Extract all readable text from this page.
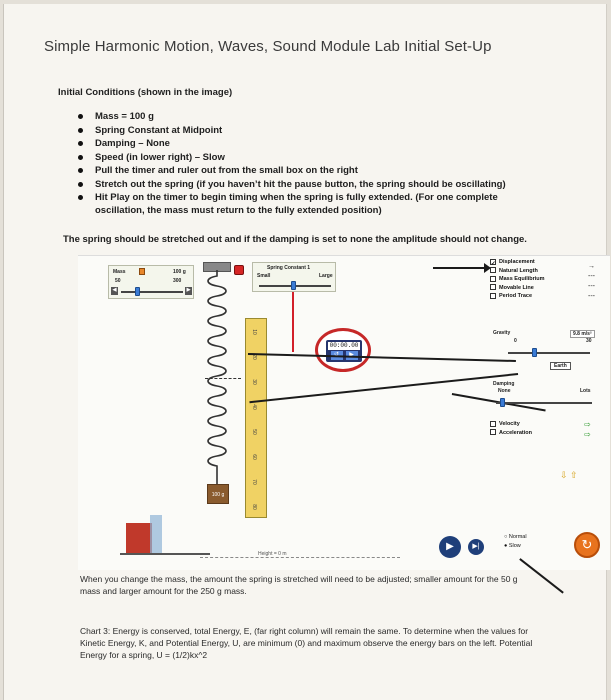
Simple Harmonic Motion, Waves, Sound Module Lab Initial Set-Up
Initial Conditions (shown in the image)
Mass = 100 g
Spring Constant at Midpoint
Damping – None
Speed (in lower right) – Slow
Pull the timer and ruler out from the small box on the right
Stretch out the spring (if you haven’t hit the pause button, the spring should be oscillating)
Hit Play on the timer to begin timing when the spring is fully extended. (For one complete oscillation, the mass must return to the fully extended position)
The spring should be stretched out and if the damping is set to none the amplitude should not change.
Mass	100 g
50	300
◀	▶
100 g
10
20
30
40
50
60
70
80
Spring Constant 1
Small	Large
00:00.00
✓ Displacement
Natural Length
Mass Equilibrium
Movable Line
Period Trace
→
---
---
---
Gravity	9.8 m/s²
0	30
Earth
Damping
None	Lots
Velocity
Acceleration
⇨
⇨
⇩ ⇧
Height = 0 m
▶	▶|
○ Normal
● Slow	↻
When you change the mass, the amount the spring is stretched will need to be adjusted; smaller amount for the 50 g mass and larger amount for the 250 g mass.
Chart 3: Energy is conserved, total Energy, E, (far right column) will remain the same. To determine when the values for Kinetic Energy, K, and Potential Energy, U, are minimum (0) and maximum observe the energy bars on the left. Potential Energy for a spring, U = (1/2)kx^2
